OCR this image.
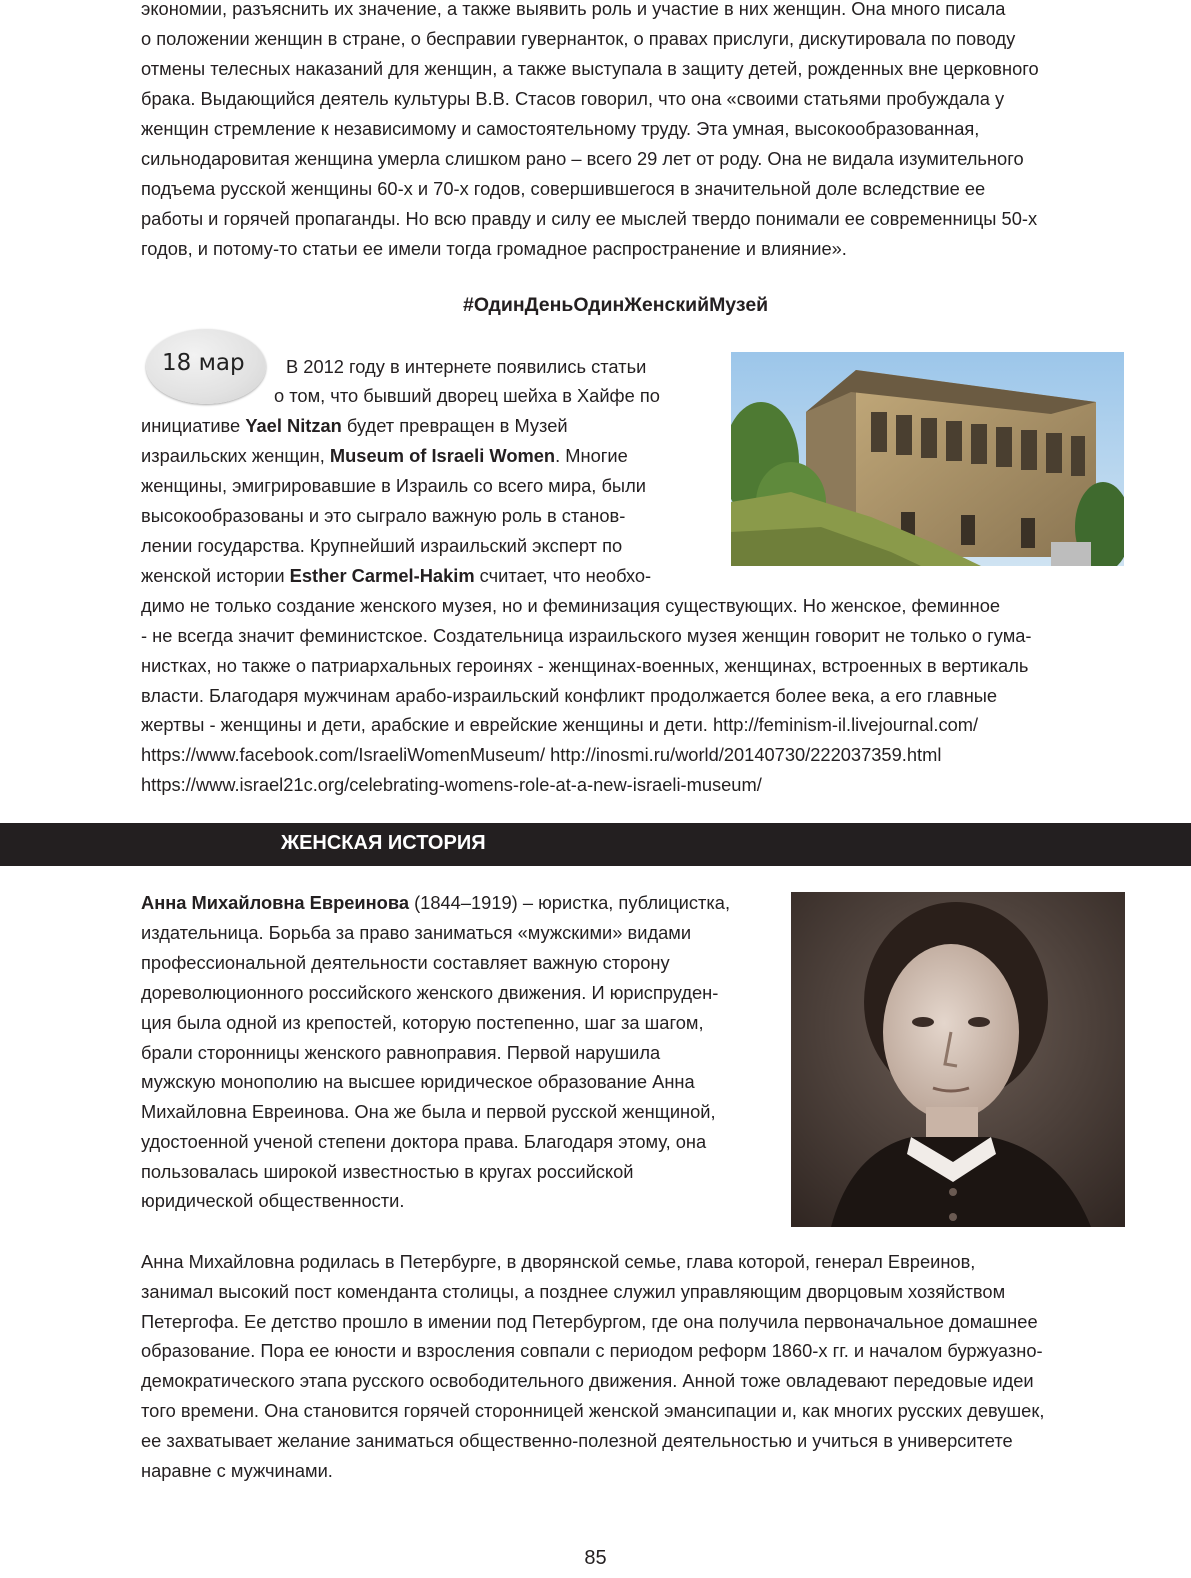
экономии, разъяснить их значение, а также выявить роль и участие в них женщин. Она много писала
о положении женщин в стране, о бесправии гувернанток, о правах прислуги, дискутировала по поводу
отмены телесных наказаний для женщин, а также выступала в защиту детей, рожденных вне церковного
брака. Выдающийся деятель культуры В.В. Стасов говорил, что она «своими статьями пробуждала у
женщин стремление к независимому и самостоятельному труду. Эта умная, высокообразованная,
сильнодаровитая женщина умерла слишком рано – всего 29 лет от роду. Она не видала изумительного
подъема русской женщины 60-х и 70-х годов, совершившегося в значительной доле вследствие ее
работы и горячей пропаганды. Но всю правду и силу ее мыслей твердо понимали ее современницы 50-х
годов, и потому-то статьи ее имели тогда громадное распространение и влияние».
#ОдинДеньОдинЖенскийМузей
18 мар В 2012 году в интернете появились статьи
о том, что бывший дворец шейха в Хайфе по
инициативе Yael Nitzan будет превращен в Музей
израильских женщин, Museum of Israeli Women. Многие
женщины, эмигрировавшие в Израиль со всего мира, были
высокообразованы и это сыграло важную роль в станов-
лении государства. Крупнейший израильский эксперт по
женской истории Esther Carmel-Hakim считает, что необхо-
димо не только создание женского музея, но и феминизация существующих. Но женское, феминное
- не всегда значит феминистское. Создательница израильского музея женщин говорит не только о гума-
нистках, но также о патриархальных героинях - женщинах-военных, женщинах, встроенных в вертикаль
власти. Благодаря мужчинам арабо-израильский конфликт продолжается более века, а его главные
жертвы - женщины и дети, арабские и еврейские женщины и дети. http://feminism-il.livejournal.com/
https://www.facebook.com/IsraeliWomenMuseum/ http://inosmi.ru/world/20140730/222037359.html
https://www.israel21c.org/celebrating-womens-role-at-a-new-israeli-museum/
ЖЕНСКАЯ ИСТОРИЯ
Анна Михайловна Евреинова (1844–1919) – юристка, публицистка,
издательница. Борьба за право заниматься «мужскими» видами
профессиональной деятельности составляет важную сторону
дореволюционного российского женского движения. И юриспруден-
ция была одной из крепостей, которую постепенно, шаг за шагом,
брали сторонницы женского равноправия. Первой нарушила
мужскую монополию на высшее юридическое образование Анна
Михайловна Евреинова. Она же была и первой русской женщиной,
удостоенной ученой степени доктора права. Благодаря этому, она
пользовалась широкой известностью в кругах российской
юридической общественности.
Анна Михайловна родилась в Петербурге, в дворянской семье, глава которой, генерал Евреинов,
занимал высокий пост коменданта столицы, а позднее служил управляющим дворцовым хозяйством
Петергофа. Ее детство прошло в имении под Петербургом, где она получила первоначальное домашнее
образование. Пора ее юности и взросления совпали с периодом реформ 1860-х гг. и началом буржуазно-
демократического этапа русского освободительного движения. Анной тоже овладевают передовые идеи
того времени. Она становится горячей сторонницей женской эмансипации и, как многих русских девушек,
ее захватывает желание заниматься общественно-полезной деятельностью и учиться в университете
наравне с мужчинами.
85
